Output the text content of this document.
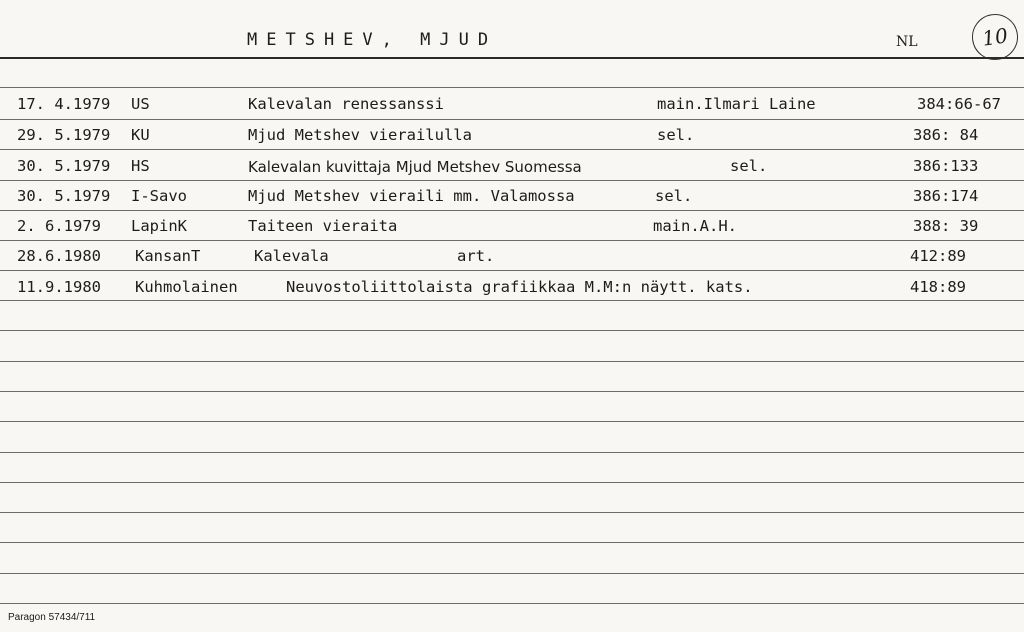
METSHEV, MJUD	NL	10
17. 4.1979 US	Kalevalan renessanssi	main.Ilmari Laine	384:66-67
29. 5.1979 KU	Mjud Metshev vierailulla	sel.	386: 84
30. 5.1979 HS	Kalevalan kuvittaja Mjud Metshev Suomessa	sel.	386:133
30. 5.1979 I-Savo	Mjud Metshev vieraili mm. Valamossa	sel.	386:174
2. 6.1979 LapinK	Taiteen vieraita	main.A.H.	388: 39
28.6.1980 KansanT	Kalevala	art.	412:89
11.9.1980 Kuhmolainen	Neuvostoliittolaista grafiikkaa M.M:n näytt. kats.	418:89
Paragon 57434/711
